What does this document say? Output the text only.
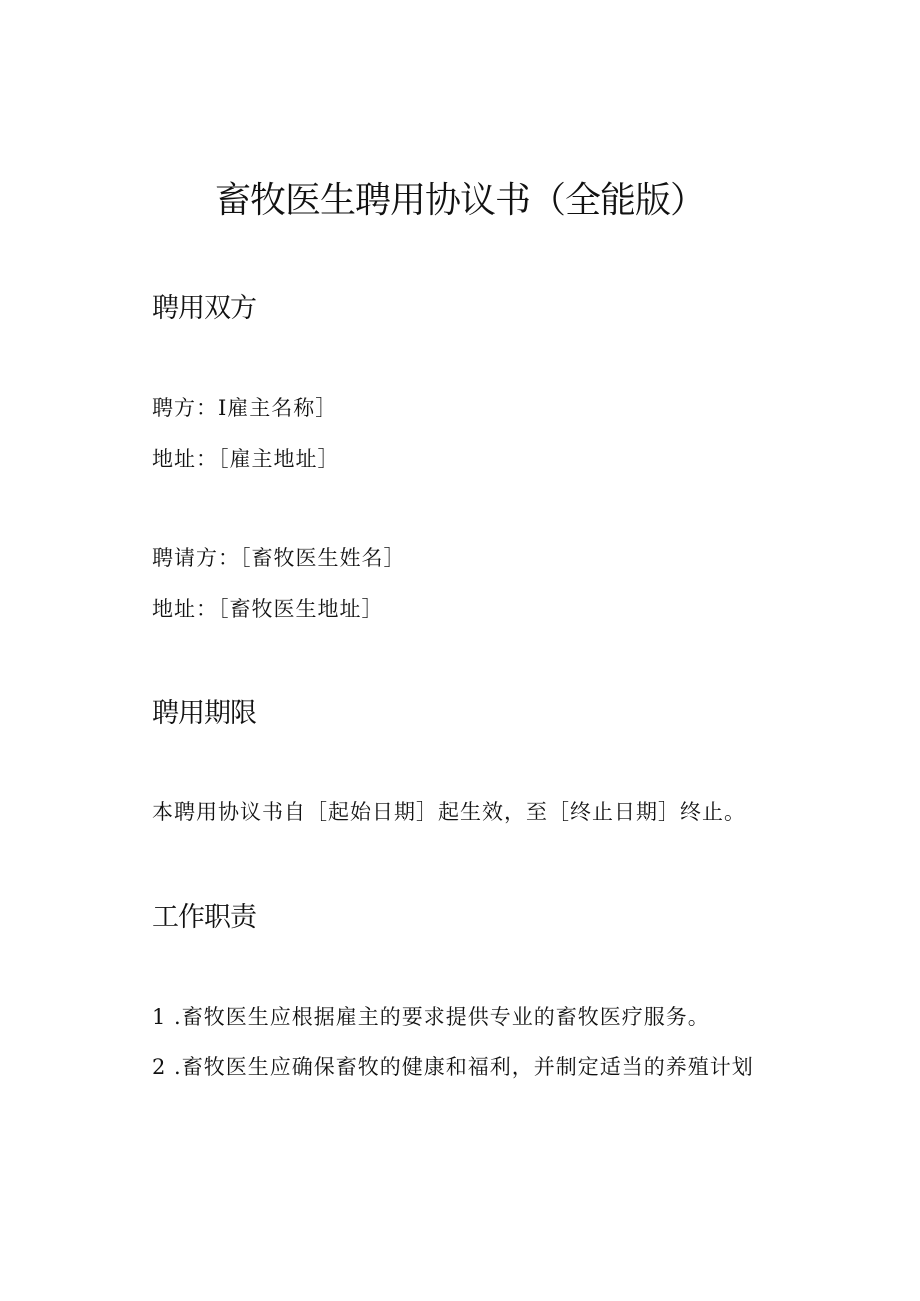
畜牧医生聘用协议书（全能版）
聘用双方

聘方：I雇主名称］

地址：［雇主地址］

聘请方：［畜牧医生姓名］

地址：［畜牧医生地址］

聘用期限

本聘用协议书自［起始日期］起生效，至［终止日期］终止。

工作职责

1 .畜牧医生应根据雇主的要求提供专业的畜牧医疗服务。

2 .畜牧医生应确保畜牧的健康和福利，并制定适当的养殖计划
